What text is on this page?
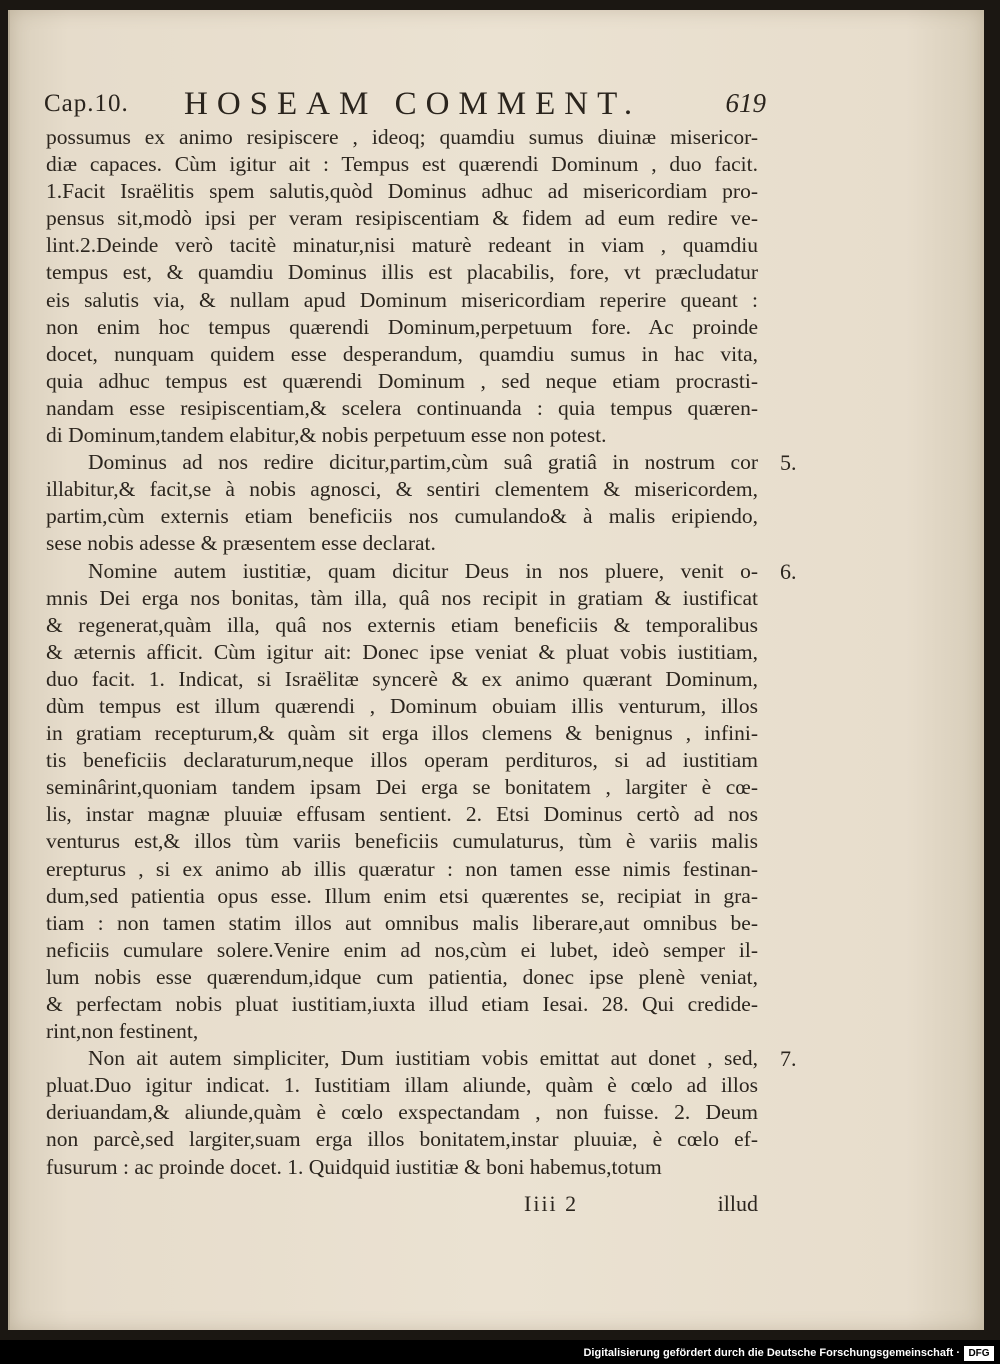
Cap.10. HOSEAM COMMENT.	619
possumus ex animo resipiscere , ideoq; quamdiu sumus diuinæ misericor-
diæ capaces. Cùm igitur ait : Tempus est quærendi Dominum , duo facit.
1.Facit Israëlitis spem salutis,quòd Dominus adhuc ad misericordiam pro-
pensus sit,modò ipsi per veram resipiscentiam & fidem ad eum redire ve-
lint.2.Deinde verò tacitè minatur,nisi maturè redeant in viam , quamdiu
tempus est, & quamdiu Dominus illis est placabilis, fore, vt præcludatur
eis salutis via, & nullam apud Dominum misericordiam reperire queant :
non enim hoc tempus quærendi Dominum,perpetuum fore. Ac proinde
docet, nunquam quidem esse desperandum, quamdiu sumus in hac vita,
quia adhuc tempus est quærendi Dominum , sed neque etiam procrasti-
nandam esse resipiscentiam,& scelera continuanda : quia tempus quæren-
di Dominum,tandem elabitur,& nobis perpetuum esse non potest.
Dominus ad nos redire dicitur,partim,cùm suâ gratiâ in nostrum cor
illabitur,& facit,se à nobis agnosci, & sentiri clementem & misericordem,
partim,cùm externis etiam beneficiis nos cumulando& à malis eripiendo,
sese nobis adesse & præsentem esse declarat.
Nomine autem iustitiæ, quam dicitur Deus in nos pluere, venit o-
mnis Dei erga nos bonitas, tàm illa, quâ nos recipit in gratiam & iustificat
& regenerat,quàm illa, quâ nos externis etiam beneficiis & temporalibus
& æternis afficit. Cùm igitur ait: Donec ipse veniat & pluat vobis iustitiam,
duo facit. 1. Indicat, si Israëlitæ syncerè & ex animo quærant Dominum,
dùm tempus est illum quærendi , Dominum obuiam illis venturum, illos
in gratiam recepturum,& quàm sit erga illos clemens & benignus , infini-
tis beneficiis declaraturum,neque illos operam perdituros, si ad iustitiam
seminârint,quoniam tandem ipsam Dei erga se bonitatem , largiter è cœ-
lis, instar magnæ pluuiæ effusam sentient. 2. Etsi Dominus certò ad nos
venturus est,& illos tùm variis beneficiis cumulaturus, tùm è variis malis
erepturus , si ex animo ab illis quæratur : non tamen esse nimis festinan-
dum,sed patientia opus esse. Illum enim etsi quærentes se, recipiat in gra-
tiam : non tamen statim illos aut omnibus malis liberare,aut omnibus be-
neficiis cumulare solere.Venire enim ad nos,cùm ei lubet, ideò semper il-
lum nobis esse quærendum,idque cum patientia, donec ipse plenè veniat,
& perfectam nobis pluat iustitiam,iuxta illud etiam Iesai. 28. Qui credide-
rint,non festinent,
Non ait autem simpliciter, Dum iustitiam vobis emittat aut donet , sed,
pluat.Duo igitur indicat. 1. Iustitiam illam aliunde, quàm è cœlo ad illos
deriuandam,& aliunde,quàm è cœlo exspectandam , non fuisse. 2. Deum
non parcè,sed largiter,suam erga illos bonitatem,instar pluuiæ, è cœlo ef-
fusurum : ac proinde docet. 1. Quidquid iustitiæ & boni habemus,totum
5.
6.
7.
Iiii 2	illud
Digitalisierung gefördert durch die Deutsche Forschungsgemeinschaft · DFG
